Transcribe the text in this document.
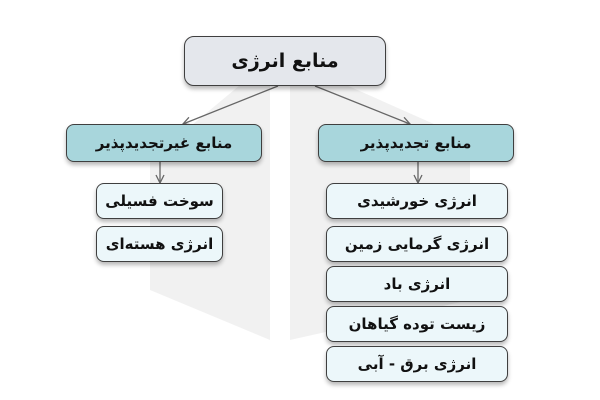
منابع انرژی
منابع تجدیدپذیر
منابع غیرتجدیدپذیر
انرژی خورشیدی
انرژی گرمایی زمین
انرژی باد
زیست توده گیاهان
انرژی برق - آبی
سوخت فسیلی
انرژی هسته‌ای
